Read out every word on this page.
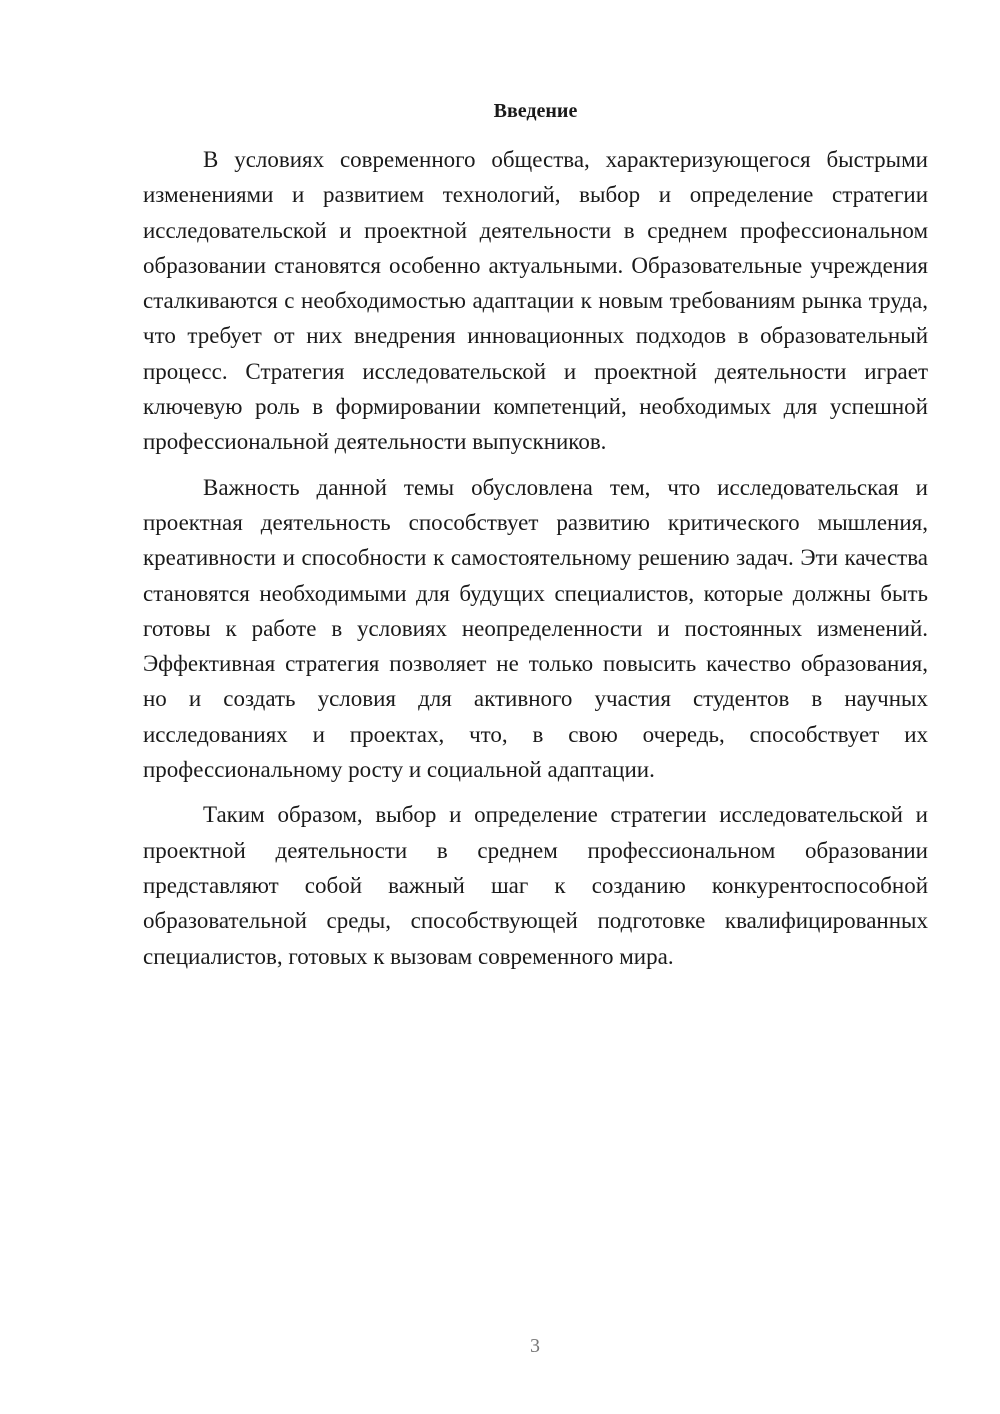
Введение

В условиях современного общества, характеризующегося быстрыми изменениями и развитием технологий, выбор и определение стратегии исследовательской и проектной деятельности в среднем профессиональном образовании становятся особенно актуальными. Образовательные учреждения сталкиваются с необходимостью адаптации к новым требованиям рынка труда, что требует от них внедрения инновационных подходов в образовательный процесс. Стратегия исследовательской и проектной деятельности играет ключевую роль в формировании компетенций, необходимых для успешной профессиональной деятельности выпускников.

Важность данной темы обусловлена тем, что исследовательская и проектная деятельность способствует развитию критического мышления, креативности и способности к самостоятельному решению задач. Эти качества становятся необходимыми для будущих специалистов, которые должны быть готовы к работе в условиях неопределенности и постоянных изменений. Эффективная стратегия позволяет не только повысить качество образования, но и создать условия для активного участия студентов в научных исследованиях и проектах, что, в свою очередь, способствует их профессиональному росту и социальной адаптации.

Таким образом, выбор и определение стратегии исследовательской и проектной деятельности в среднем профессиональном образовании представляют собой важный шаг к созданию конкурентоспособной образовательной среды, способствующей подготовке квалифицированных специалистов, готовых к вызовам современного мира.

3
